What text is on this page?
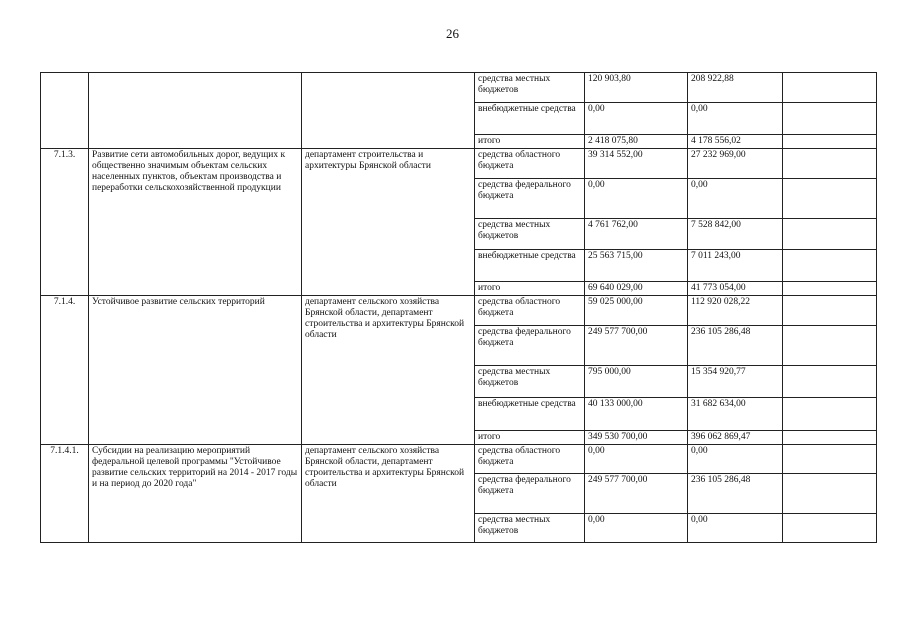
26
			средства местных бюджетов	120 903,80	208 922,88	
			внебюджетные средства	0,00	0,00	
			итого	2 418 075,80	4 178 556,02	
7.1.3.	Развитие сети автомобильных дорог, ведущих к общественно значимым объектам сельских населенных пунктов, объектам производства и переработки сельскохозяйственной продукции	департамент строительства и архитектуры Брянской области	средства областного бюджета	39 314 552,00	27 232 969,00	
			средства федерального бюджета	0,00	0,00	
			средства местных бюджетов	4 761 762,00	7 528 842,00	
			внебюджетные средства	25 563 715,00	7 011 243,00	
			итого	69 640 029,00	41 773 054,00	
7.1.4.	Устойчивое развитие сельских территорий	департамент сельского хозяйства Брянской области, департамент строительства и архитектуры Брянской области	средства областного бюджета	59 025 000,00	112 920 028,22	
			средства федерального бюджета	249 577 700,00	236 105 286,48	
			средства местных бюджетов	795 000,00	15 354 920,77	
			внебюджетные средства	40 133 000,00	31 682 634,00	
			итого	349 530 700,00	396 062 869,47	
7.1.4.1.	Субсидии на реализацию мероприятий федеральной целевой программы "Устойчивое развитие сельских территорий на 2014 - 2017 годы и на период до 2020 года"	департамент сельского хозяйства Брянской области, департамент строительства и архитектуры Брянской области	средства областного бюджета	0,00	0,00	
			средства федерального бюджета	249 577 700,00	236 105 286,48	
			средства местных бюджетов	0,00	0,00	
